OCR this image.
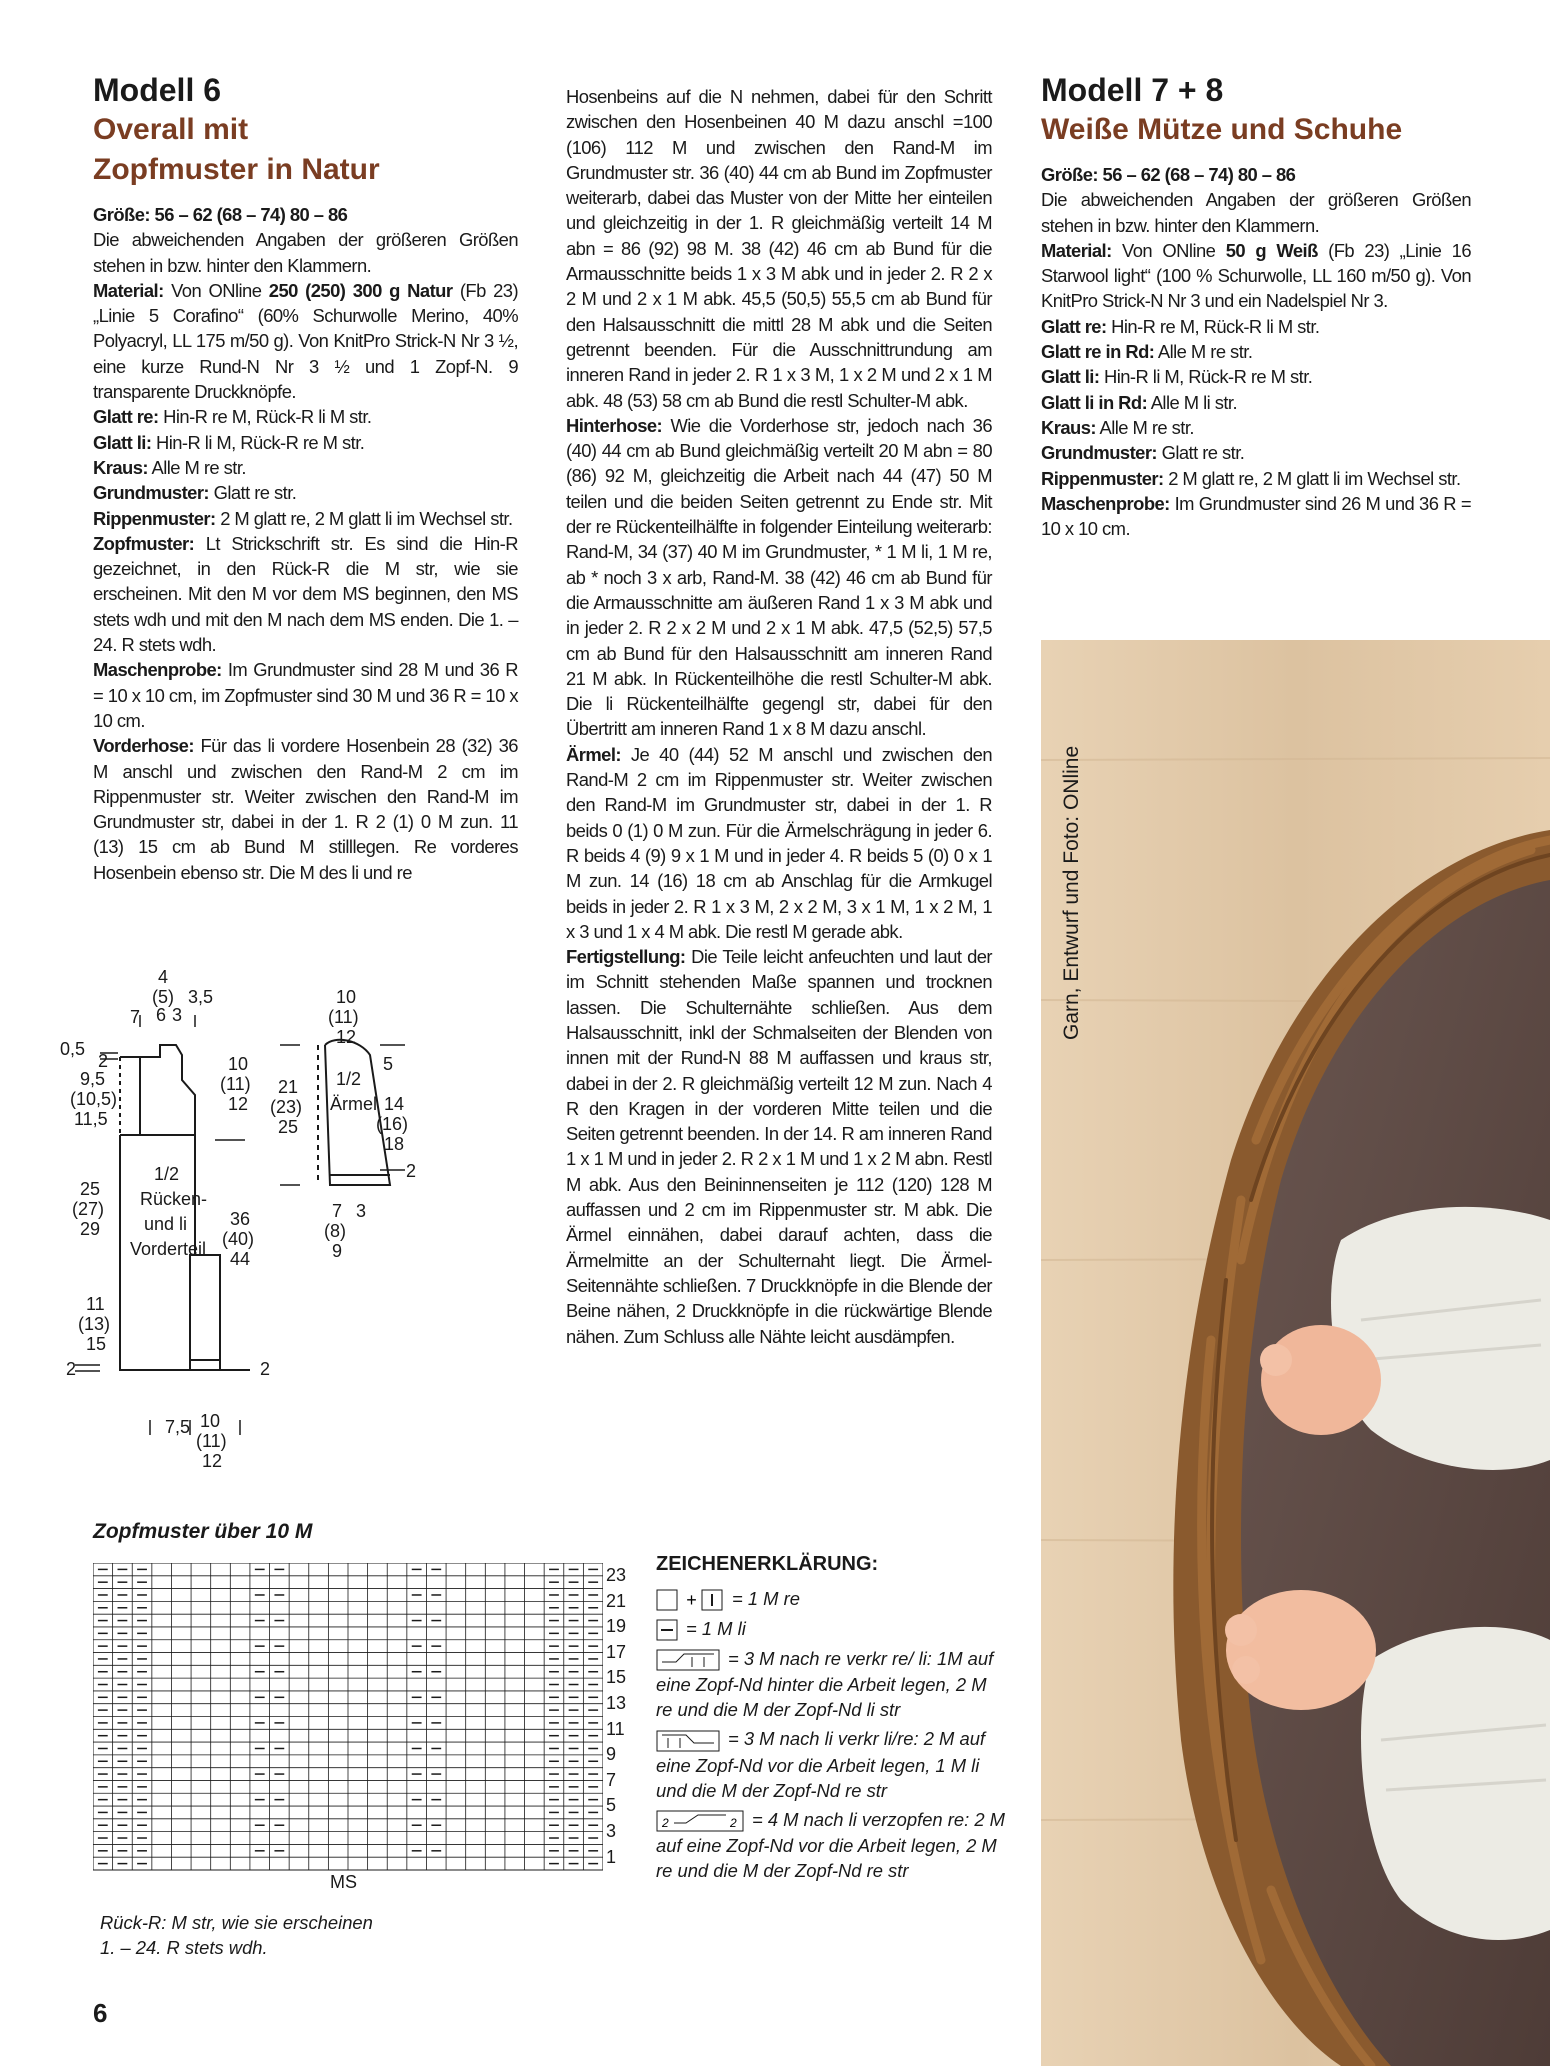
Modell 6
Overall mit
Zopfmuster in Natur

Größe: 56 – 62 (68 – 74) 80 – 86
Die abweichenden Angaben der größeren Größen stehen in bzw. hinter den Klammern.
Material: Von ONline 250 (250) 300 g Natur (Fb 23) „Linie 5 Corafino“ (60% Schurwolle Merino, 40% Polyacryl, LL 175 m/50 g). Von KnitPro Strick-N Nr 3 ½, eine kurze Rund-N Nr 3 ½ und 1 Zopf-N. 9 transparente Druckknöpfe.
Glatt re: Hin-R re M, Rück-R li M str.
Glatt li: Hin-R li M, Rück-R re M str.
Kraus: Alle M re str.
Grundmuster: Glatt re str.
Rippenmuster: 2 M glatt re, 2 M glatt li im Wechsel str.
Zopfmuster: Lt Strickschrift str. Es sind die Hin-R gezeichnet, in den Rück-R die M str, wie sie erscheinen. Mit den M vor dem MS beginnen, den MS stets wdh und mit den M nach dem MS enden. Die 1. – 24. R stets wdh.
Maschenprobe: Im Grundmuster sind 28 M und 36 R = 10 x 10 cm, im Zopfmuster sind 30 M und 36 R = 10 x 10 cm.
Vorderhose: Für das li vordere Hosenbein 28 (32) 36 M anschl und zwischen den Rand-M 2 cm im Rippenmuster str. Weiter zwischen den Rand-M im Grundmuster str, dabei in der 1. R 2 (1) 0 M zun. 11 (13) 15 cm ab Bund M stilllegen. Re vorderes Hosenbein ebenso str. Die M des li und re

Hosenbeins auf die N nehmen, dabei für den Schritt zwischen den Hosenbeinen 40 M dazu anschl =100 (106) 112 M und zwischen den Rand-M im Grundmuster str. 36 (40) 44 cm ab Bund im Zopfmuster weiterarb, dabei das Muster von der Mitte her einteilen und gleichzeitig in der 1. R gleichmäßig verteilt 14 M abn = 86 (92) 98 M. 38 (42) 46 cm ab Bund für die Armausschnitte beids 1 x 3 M abk und in jeder 2. R 2 x 2 M und 2 x 1 M abk. 45,5 (50,5) 55,5 cm ab Bund für den Halsausschnitt die mittl 28 M abk und die Seiten getrennt beenden. Für die Ausschnittrundung am inneren Rand in jeder 2. R 1 x 3 M, 1 x 2 M und 2 x 1 M abk. 48 (53) 58 cm ab Bund die restl Schulter-M abk.
Hinterhose: Wie die Vorderhose str, jedoch nach 36 (40) 44 cm ab Bund gleichmäßig verteilt 20 M abn = 80 (86) 92 M, gleichzeitig die Arbeit nach 44 (47) 50 M teilen und die beiden Seiten getrennt zu Ende str. Mit der re Rückenteilhälfte in folgender Einteilung weiterarb: Rand-M, 34 (37) 40 M im Grundmuster, * 1 M li, 1 M re, ab * noch 3 x arb, Rand-M. 38 (42) 46 cm ab Bund für die Armausschnitte am äußeren Rand 1 x 3 M abk und in jeder 2. R 2 x 2 M und 2 x 1 M abk. 47,5 (52,5) 57,5 cm ab Bund für den Halsausschnitt am inneren Rand 21 M abk. In Rückenteilhöhe die restl Schulter-M abk. Die li Rückenteilhälfte gegengl str, dabei für den Übertritt am inneren Rand 1 x 8 M dazu anschl.
Ärmel: Je 40 (44) 52 M anschl und zwischen den Rand-M 2 cm im Rippenmuster str. Weiter zwischen den Rand-M im Grundmuster str, dabei in der 1. R beids 0 (1) 0 M zun. Für die Ärmelschrägung in jeder 6. R beids 4 (9) 9 x 1 M und in jeder 4. R beids 5 (0) 0 x 1 M zun. 14 (16) 18 cm ab Anschlag für die Armkugel beids in jeder 2. R 1 x 3 M, 2 x 2 M, 3 x 1 M, 1 x 2 M, 1 x 3 und 1 x 4 M abk. Die restl M gerade abk.
Fertigstellung: Die Teile leicht anfeuchten und laut der im Schnitt stehenden Maße spannen und trocknen lassen. Die Schulternähte schließen. Aus dem Halsausschnitt, inkl der Schmalseiten der Blenden von innen mit der Rund-N 88 M auffassen und kraus str, dabei in der 2. R gleichmäßig verteilt 12 M zun. Nach 4 R den Kragen in der vorderen Mitte teilen und die Seiten getrennt beenden. In der 14. R am inneren Rand 1 x 1 M und in jeder 2. R 2 x 1 M und 1 x 2 M abn. Restl M abk. Aus den Beininnenseiten je 112 (120) 128 M auffassen und 2 cm im Rippenmuster str. M abk. Die Ärmel einnähen, dabei darauf achten, dass die Ärmelmitte an der Schulternaht liegt. Die Ärmel- Seitennähte schließen. 7 Druckknöpfe in die Blende der Beine nähen, 2 Druckknöpfe in die rückwärtige Blende nähen. Zum Schluss alle Nähte leicht ausdämpfen.

Modell 7 + 8
Weiße Mütze und Schuhe

Größe: 56 – 62 (68 – 74) 80 – 86
Die abweichenden Angaben der größeren Größen stehen in bzw. hinter den Klammern.
Material: Von ONline 50 g Weiß (Fb 23) „Linie 16 Starwool light“ (100 % Schurwolle, LL 160 m/50 g). Von KnitPro Strick-N Nr 3 und ein Nadelspiel Nr 3.
Glatt re: Hin-R re M, Rück-R li M str.
Glatt re in Rd: Alle M re str.
Glatt li: Hin-R li M, Rück-R re M str.
Glatt li in Rd: Alle M li str.
Kraus: Alle M re str.
Grundmuster: Glatt re str.
Rippenmuster: 2 M glatt re, 2 M glatt li im Wechsel str.
Maschenprobe: Im Grundmuster sind 26 M und 36 R = 10 x 10 cm.

4
(5) 3,5
6 3
7
0,5
2
9,5
(10,5)
11,5
10
(11)
12
25
(27)
29
1/2
Rücken-
und li
Vorderteil
36
(40)
44
11
(13)
15
2	2
7,5 10
(11)
12
10
(11)
12
5
1/2
Ärmel
21
(23)
25
14
(16)
18
2
7
(8)
9
3
Zopfmuster über 10 M
23
21
19
17
15
13
11
9
7
5
3
1
MS
Rück-R: M str, wie sie erscheinen
1. – 24. R stets wdh.

ZEICHENERKLÄRUNG:

+ = 1 M re

= 1 M li

= 3 M nach re verkr re/ li: 1M auf eine Zopf-Nd hinter die Arbeit legen, 2 M re und die M der Zopf-Nd li str

= 3 M nach li verkr li/re: 2 M auf eine Zopf-Nd vor die Arbeit legen, 1 M li und die M der Zopf-Nd re str

2	2 = 4 M nach li verzopfen re: 2 M auf eine Zopf-Nd vor die Arbeit legen, 2 M re und die M der Zopf-Nd re str

6
